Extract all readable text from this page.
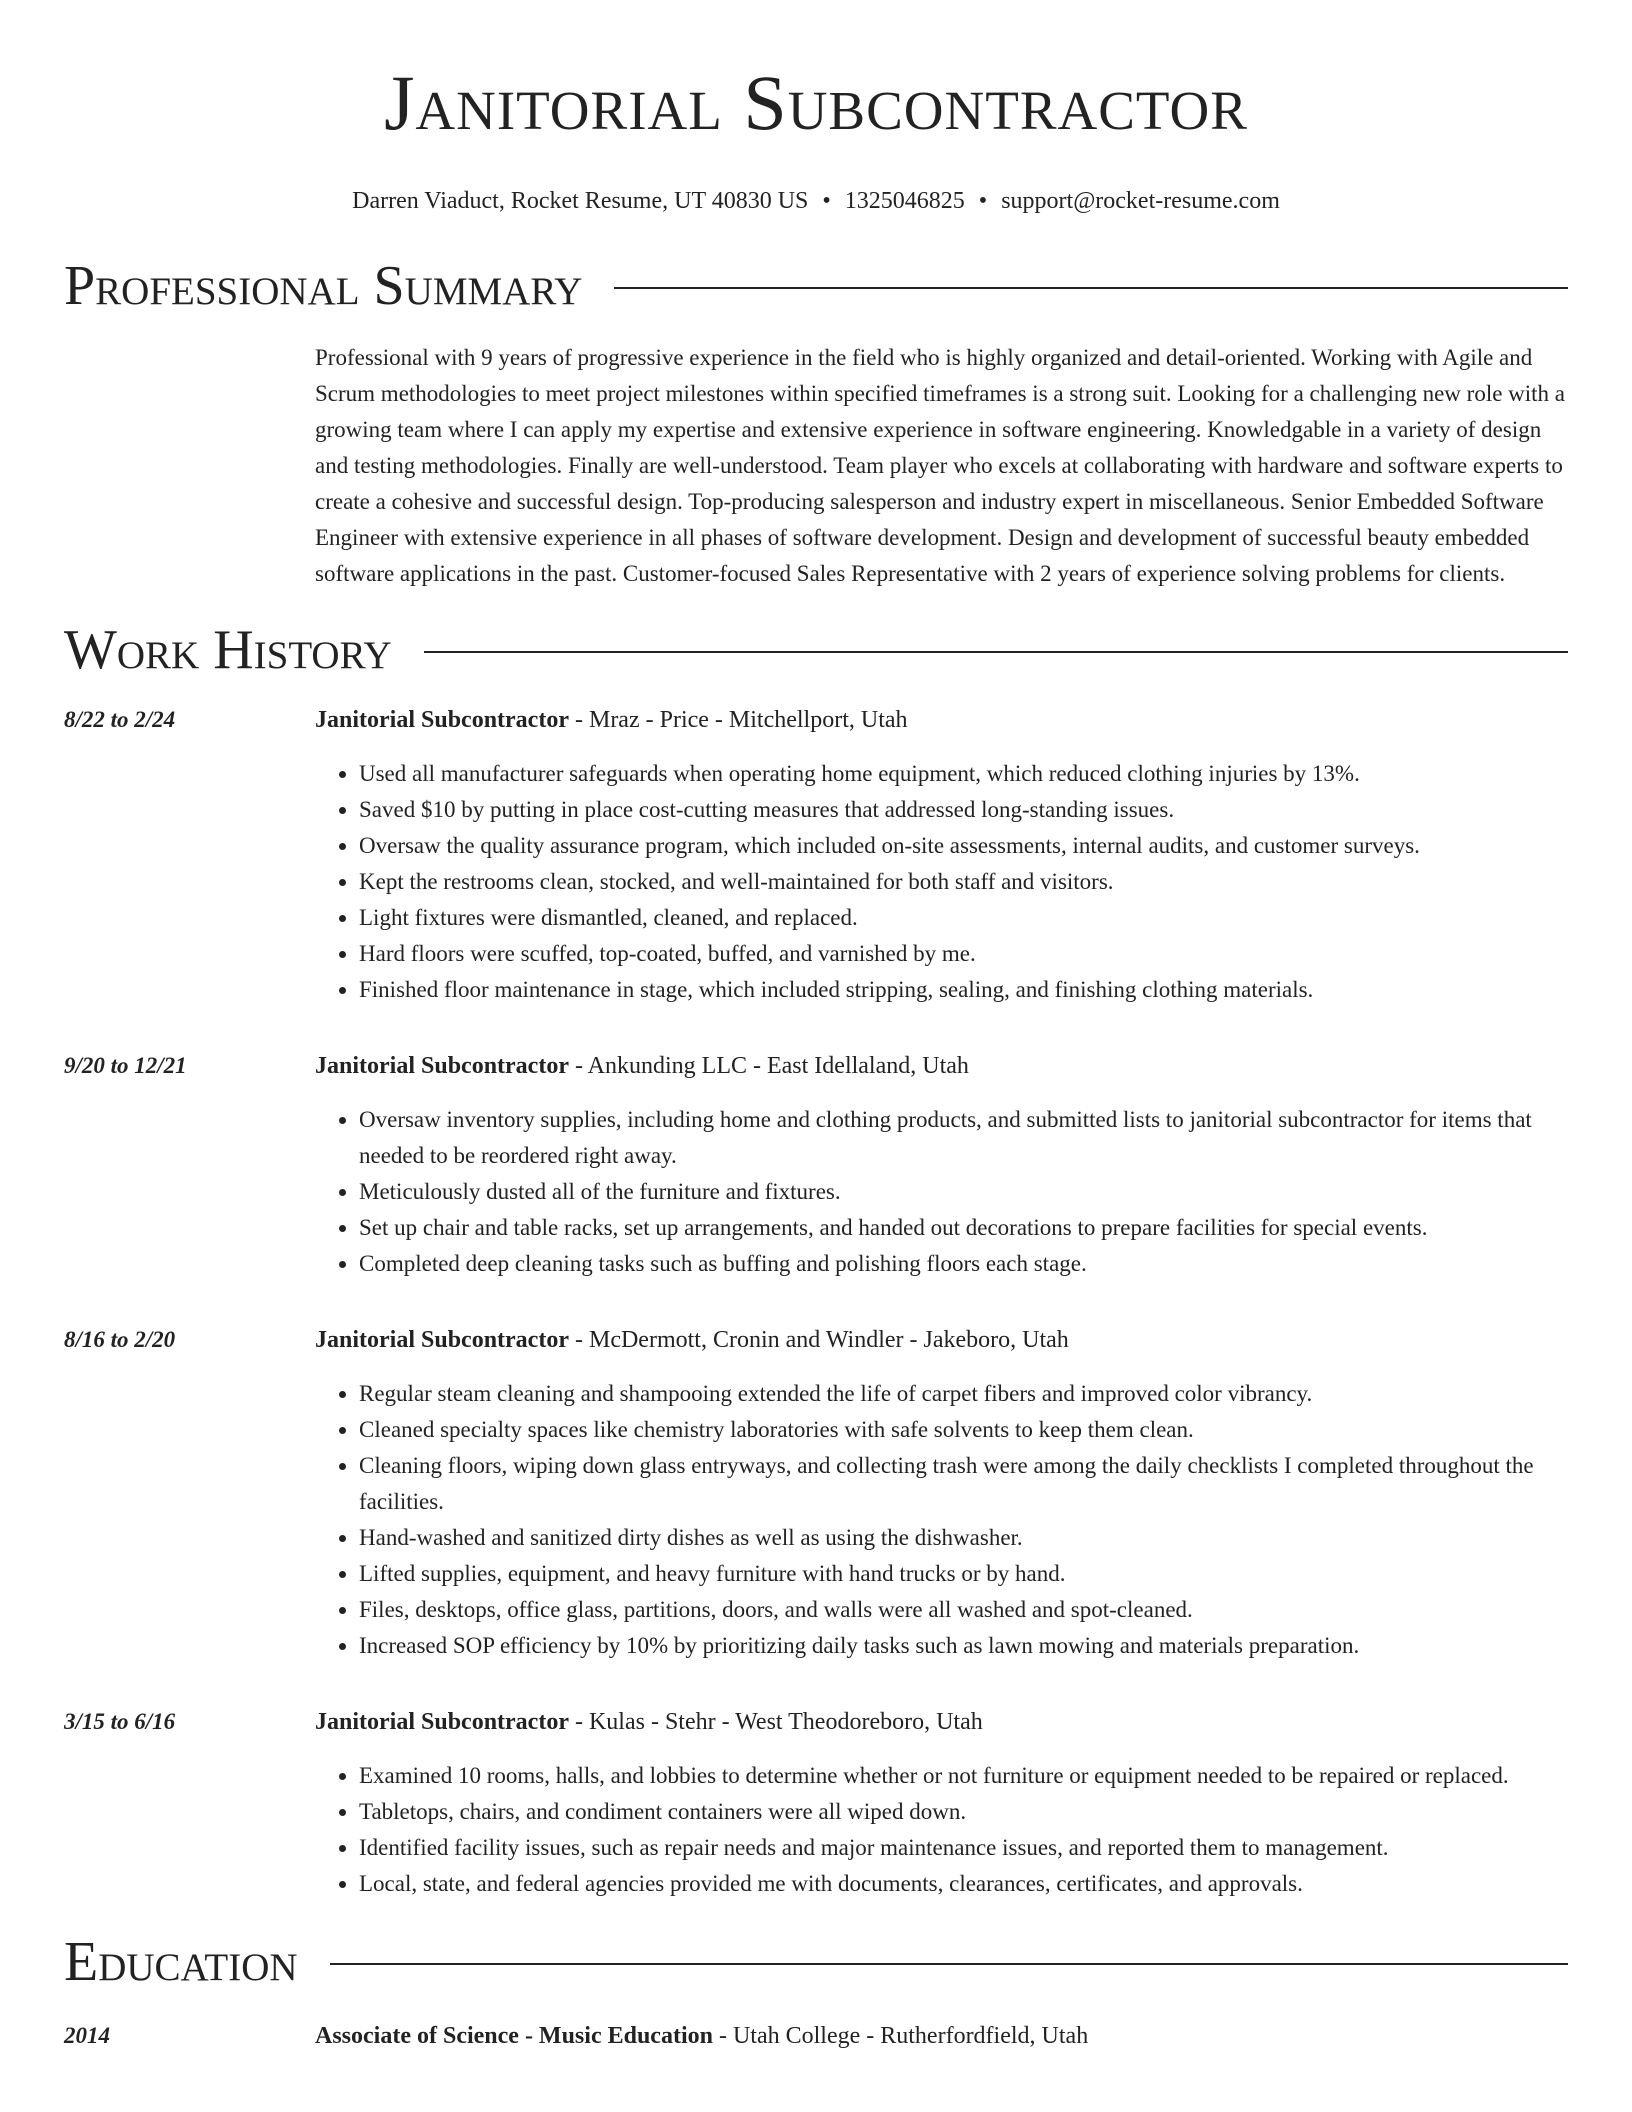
Janitorial Subcontractor
Darren Viaduct, Rocket Resume, UT 40830 US • 1325046825 • support@rocket-resume.com
Professional Summary

Professional with 9 years of progressive experience in the field who is highly organized and detail-oriented. Working with Agile and Scrum methodologies to meet project milestones within specified timeframes is a strong suit. Looking for a challenging new role with a growing team where I can apply my expertise and extensive experience in software engineering. Knowledgable in a variety of design and testing methodologies. Finally are well-understood. Team player who excels at collaborating with hardware and software experts to create a cohesive and successful design. Top-producing salesperson and industry expert in miscellaneous. Senior Embedded Software Engineer with extensive experience in all phases of software development. Design and development of successful beauty embedded software applications in the past. Customer-focused Sales Representative with 2 years of experience solving problems for clients.

Work History
8/22 to 2/24	Janitorial Subcontractor - Mraz - Price - Mitchellport, Utah
• Used all manufacturer safeguards when operating home equipment, which reduced clothing injuries by 13%.
• Saved $10 by putting in place cost-cutting measures that addressed long-standing issues.
• Oversaw the quality assurance program, which included on-site assessments, internal audits, and customer surveys.
• Kept the restrooms clean, stocked, and well-maintained for both staff and visitors.
• Light fixtures were dismantled, cleaned, and replaced.
• Hard floors were scuffed, top-coated, buffed, and varnished by me.
• Finished floor maintenance in stage, which included stripping, sealing, and finishing clothing materials.
9/20 to 12/21	Janitorial Subcontractor - Ankunding LLC - East Idellaland, Utah
• Oversaw inventory supplies, including home and clothing products, and submitted lists to janitorial subcontractor for items that needed to be reordered right away.
• Meticulously dusted all of the furniture and fixtures.
• Set up chair and table racks, set up arrangements, and handed out decorations to prepare facilities for special events.
• Completed deep cleaning tasks such as buffing and polishing floors each stage.
8/16 to 2/20	Janitorial Subcontractor - McDermott, Cronin and Windler - Jakeboro, Utah
• Regular steam cleaning and shampooing extended the life of carpet fibers and improved color vibrancy.
• Cleaned specialty spaces like chemistry laboratories with safe solvents to keep them clean.
• Cleaning floors, wiping down glass entryways, and collecting trash were among the daily checklists I completed throughout the facilities.
• Hand-washed and sanitized dirty dishes as well as using the dishwasher.
• Lifted supplies, equipment, and heavy furniture with hand trucks or by hand.
• Files, desktops, office glass, partitions, doors, and walls were all washed and spot-cleaned.
• Increased SOP efficiency by 10% by prioritizing daily tasks such as lawn mowing and materials preparation.
3/15 to 6/16	Janitorial Subcontractor - Kulas - Stehr - West Theodoreboro, Utah
• Examined 10 rooms, halls, and lobbies to determine whether or not furniture or equipment needed to be repaired or replaced.
• Tabletops, chairs, and condiment containers were all wiped down.
• Identified facility issues, such as repair needs and major maintenance issues, and reported them to management.
• Local, state, and federal agencies provided me with documents, clearances, certificates, and approvals.
Education
2014	Associate of Science - Music Education - Utah College - Rutherfordfield, Utah
